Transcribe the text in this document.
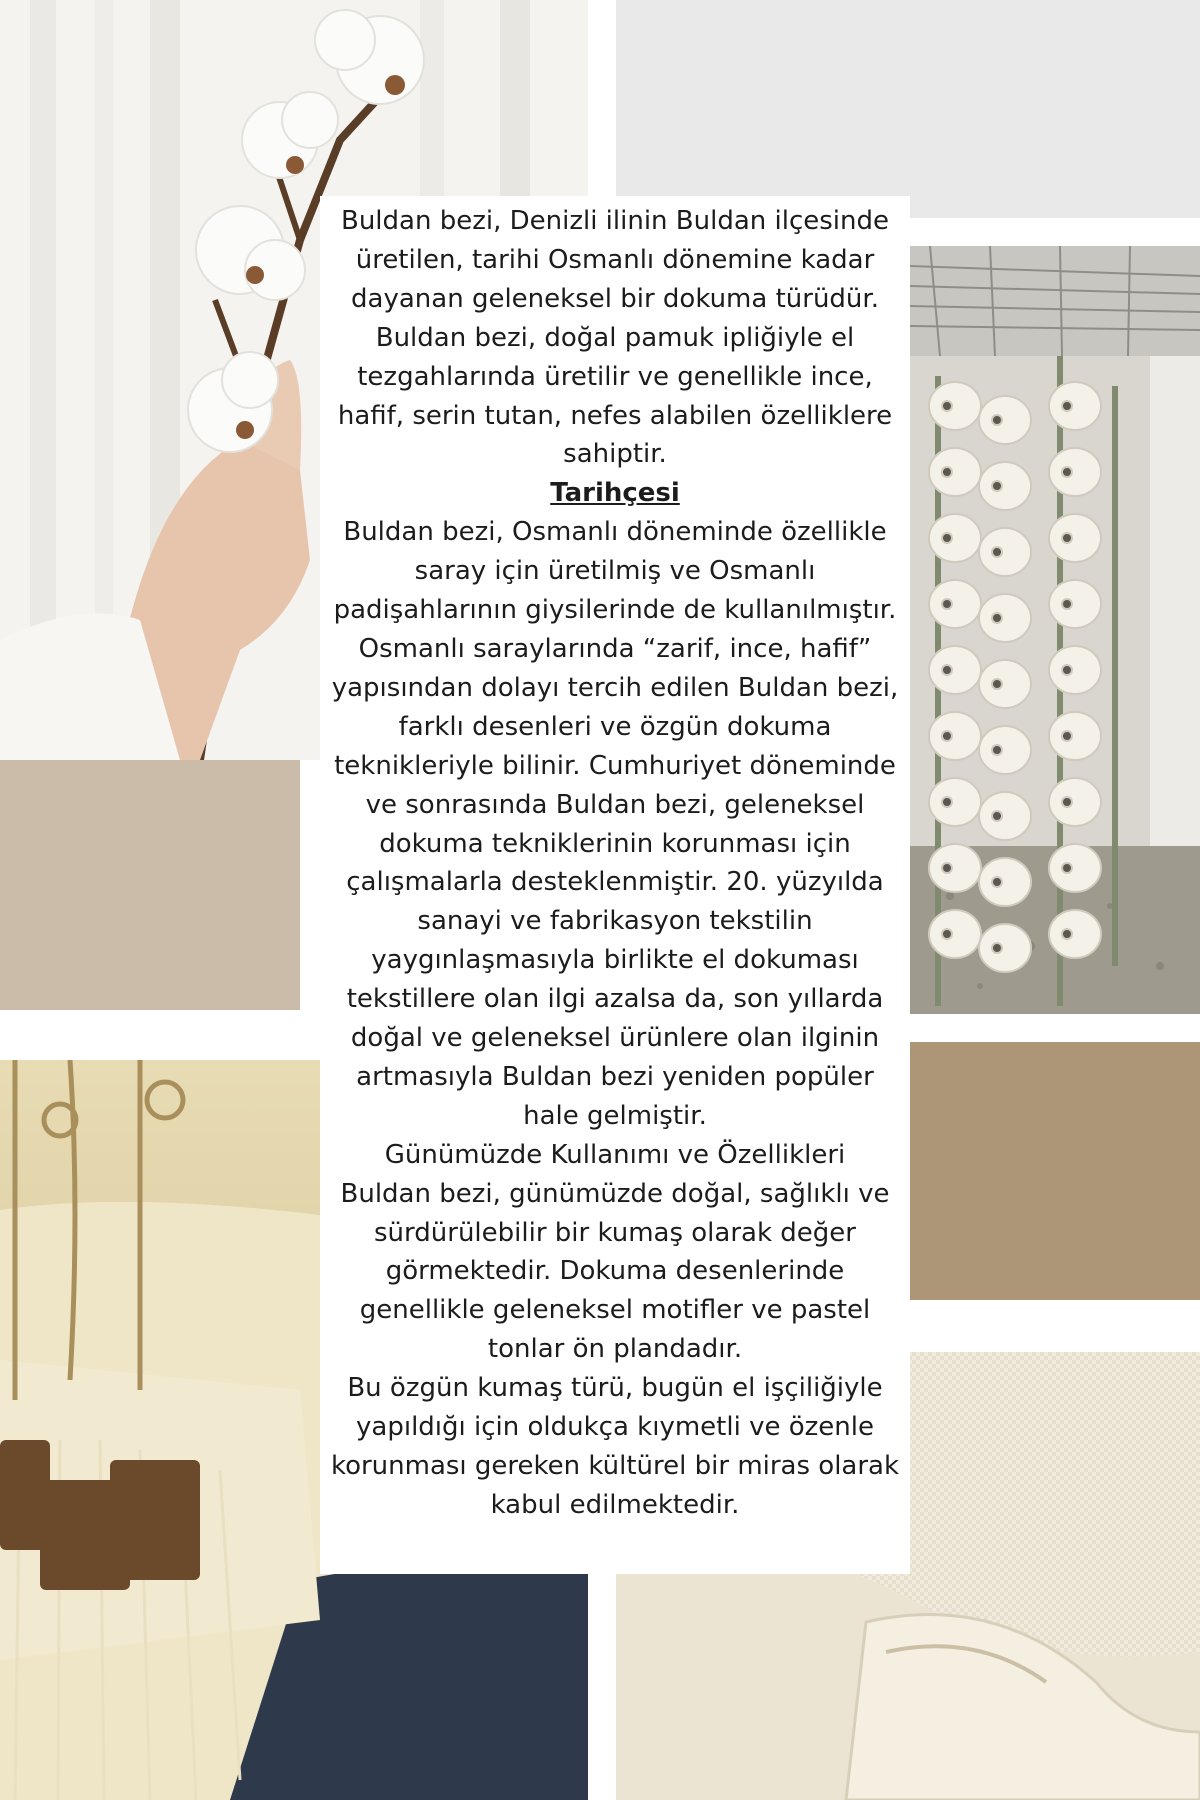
Buldan bezi, Denizli ilinin Buldan ilçesinde üretilen, tarihi Osmanlı dönemine kadar dayanan geleneksel bir dokuma türüdür. Buldan bezi, doğal pamuk ipliğiyle el tezgahlarında üretilir ve genellikle ince, hafif, serin tutan, nefes alabilen özelliklere sahiptir.

Tarihçesi

Buldan bezi, Osmanlı döneminde özellikle saray için üretilmiş ve Osmanlı padişahlarının giysilerinde de kullanılmıştır. Osmanlı saraylarında “zarif, ince, hafif” yapısından dolayı tercih edilen Buldan bezi, farklı desenleri ve özgün dokuma teknikleriyle bilinir. Cumhuriyet döneminde ve sonrasında Buldan bezi, geleneksel dokuma tekniklerinin korunması için çalışmalarla desteklenmiştir. 20. yüzyılda sanayi ve fabrikasyon tekstilin yaygınlaşmasıyla birlikte el dokuması tekstillere olan ilgi azalsa da, son yıllarda doğal ve geleneksel ürünlere olan ilginin artmasıyla Buldan bezi yeniden popüler hale gelmiştir.

Günümüzde Kullanımı ve Özellikleri

Buldan bezi, günümüzde doğal, sağlıklı ve sürdürülebilir bir kumaş olarak değer görmektedir. Dokuma desenlerinde genellikle geleneksel motifler ve pastel tonlar ön plandadır.

Bu özgün kumaş türü, bugün el işçiliğiyle yapıldığı için oldukça kıymetli ve özenle korunması gereken kültürel bir miras olarak kabul edilmektedir.
